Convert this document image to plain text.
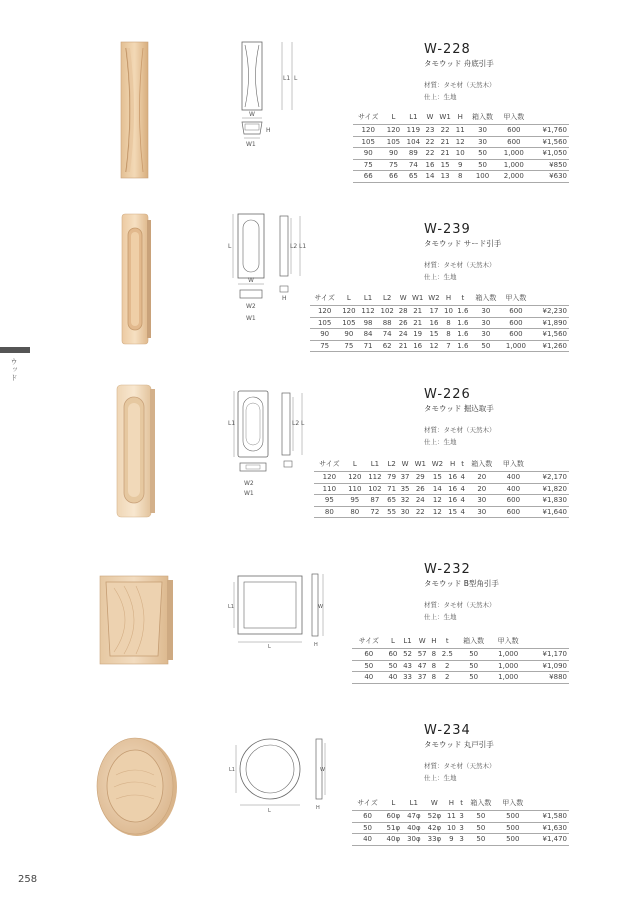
ウッド
258
L1 L
W
H
W1

W-228

タモウッド 舟底引手
材質：タモ材（天然木）
仕上：生地
サイズ	L	L1	W	W1	H	箱入数	甲入数	
120	120	119	23	22	11	30	600	¥1,760
105	105	104	22	21	12	30	600	¥1,560
90	90	89	22	21	10	50	1,000	¥1,050
75	75	74	16	15	9	50	1,000	¥850
66	66	65	14	13	8	100	2,000	¥630
L	L2 L1
W
W2
W1
H

W-239

タモウッド サード引手
材質：タモ材（天然木）
仕上：生地
サイズ	L	L1	L2	W	W1	W2	H	t	箱入数	甲入数	
120	120	112	102	28	21	17	10	1.6	30	600	¥2,230
105	105	98	88	26	21	16	8	1.6	30	600	¥1,890
90	90	84	74	24	19	15	8	1.6	30	600	¥1,560
75	75	71	62	21	16	12	7	1.6	50	1,000	¥1,260
L1	L2 L
W2
W1

W-226

タモウッド 掘込取手
材質：タモ材（天然木）
仕上：生地
サイズ	L	L1	L2	W	W1	W2	H	t	箱入数	甲入数	
120	120	112	79	37	29	15	16	4	20	400	¥2,170
110	110	102	71	35	26	14	16	4	20	400	¥1,820
95	95	87	65	32	24	12	16	4	30	600	¥1,830
80	80	72	55	30	22	12	15	4	30	600	¥1,640
L1
L
W
H

W-232

タモウッド B型角引手
材質：タモ材（天然木）
仕上：生地
サイズ	L	L1	W	H	t	箱入数	甲入数	
60	60	52	57	8	2.5	50	1,000	¥1,170
50	50	43	47	8	2	50	1,000	¥1,090
40	40	33	37	8	2	50	1,000	¥880
L1
L
W
H

W-234

タモウッド 丸戸引手
材質：タモ材（天然木）
仕上：生地
サイズ	L	L1	W	H	t	箱入数	甲入数	
60	60φ	47φ	52φ	11	3	50	500	¥1,580
50	51φ	40φ	42φ	10	3	50	500	¥1,630
40	40φ	30φ	33φ	9	3	50	500	¥1,470
